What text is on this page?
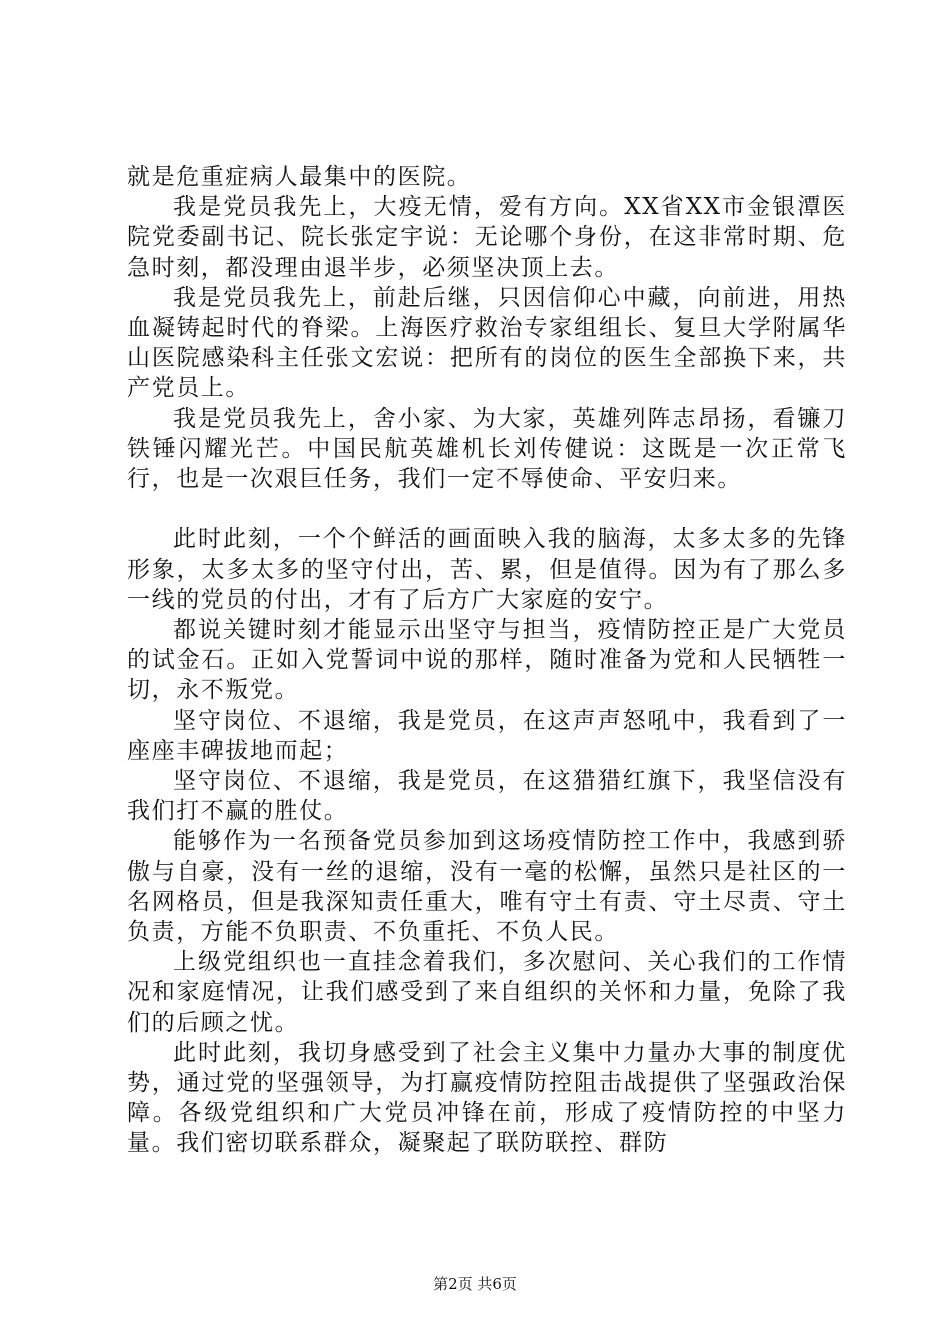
就是危重症病人最集中的医院。

我是党员我先上，大疫无情，爱有方向。XX省XX市金银潭医院党委副书记、院长张定宇说：无论哪个身份，在这非常时期、危急时刻，都没理由退半步，必须坚决顶上去。

我是党员我先上，前赴后继，只因信仰心中藏，向前进，用热血凝铸起时代的脊梁。上海医疗救治专家组组长、复旦大学附属华山医院感染科主任张文宏说：把所有的岗位的医生全部换下来，共产党员上。

我是党员我先上，舍小家、为大家，英雄列阵志昂扬，看镰刀铁锤闪耀光芒。中国民航英雄机长刘传健说：这既是一次正常飞行，也是一次艰巨任务，我们一定不辱使命、平安归来。

此时此刻，一个个鲜活的画面映入我的脑海，太多太多的先锋形象，太多太多的坚守付出，苦、累，但是值得。因为有了那么多一线的党员的付出，才有了后方广大家庭的安宁。

都说关键时刻才能显示出坚守与担当，疫情防控正是广大党员的试金石。正如入党誓词中说的那样，随时准备为党和人民牺牲一切，永不叛党。

坚守岗位、不退缩，我是党员，在这声声怒吼中，我看到了一座座丰碑拔地而起；

坚守岗位、不退缩，我是党员，在这猎猎红旗下，我坚信没有我们打不赢的胜仗。

能够作为一名预备党员参加到这场疫情防控工作中，我感到骄傲与自豪，没有一丝的退缩，没有一毫的松懈，虽然只是社区的一名网格员，但是我深知责任重大，唯有守土有责、守土尽责、守土负责，方能不负职责、不负重托、不负人民。

上级党组织也一直挂念着我们，多次慰问、关心我们的工作情况和家庭情况，让我们感受到了来自组织的关怀和力量，免除了我们的后顾之忧。

此时此刻，我切身感受到了社会主义集中力量办大事的制度优势，通过党的坚强领导，为打赢疫情防控阻击战提供了坚强政治保障。各级党组织和广大党员冲锋在前，形成了疫情防控的中坚力量。我们密切联系群众，凝聚起了联防联控、群防

第2页 共6页
